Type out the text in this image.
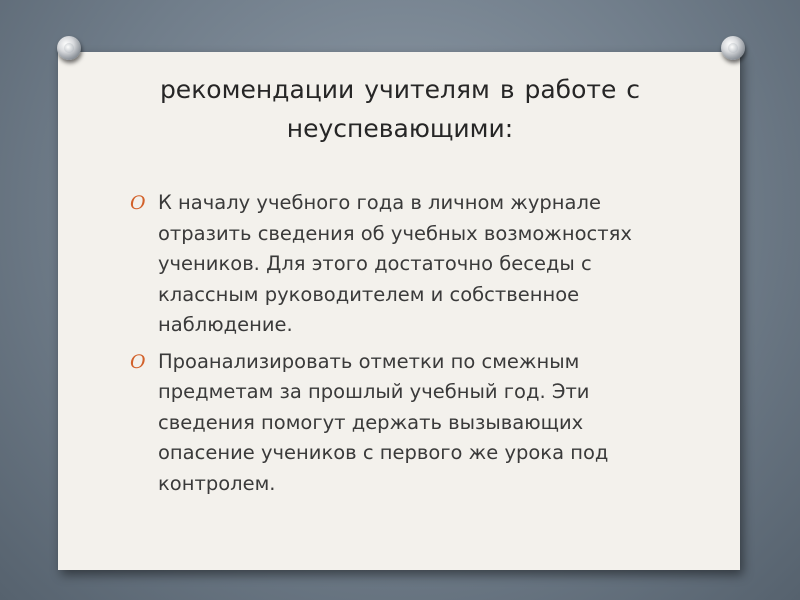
рекомендации учителям в работе с неуспевающими:
O К началу учебного года в личном журнале отразить сведения об учебных возможностях учеников. Для этого достаточно беседы с классным руководителем и собственное наблюдение.
O Проанализировать отметки по смежным предметам за прошлый учебный год. Эти сведения помогут держать вызывающих опасение учеников с первого же урока под контролем.
